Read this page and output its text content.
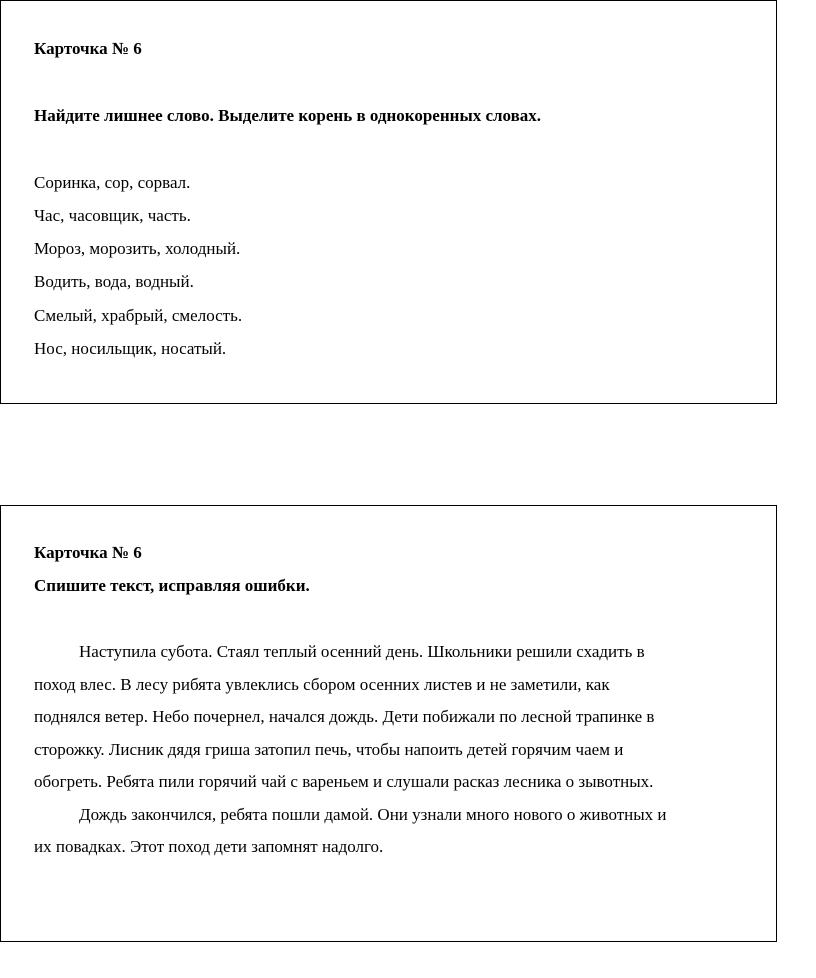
Карточка № 6
Найдите лишнее слово. Выделите корень в однокоренных словах.
Соринка, сор, сорвал.
Час, часовщик, часть.
Мороз, морозить, холодный.
Водить, вода, водный.
Смелый, храбрый, смелость.
Нос, носильщик, носатый.
Карточка № 6
Спишите текст, исправляя ошибки.
Наступила субота. Стаял теплый осенний день. Школьники решили схадить в
поход влес. В лесу рибята увлеклись сбором осенних листев и не заметили, как
поднялся ветер. Небо почернел, начался дождь. Дети побижали по лесной трапинке в
сторожку. Лисник дядя гриша затопил печь, чтобы напоить детей горячим чаем и
обогреть. Ребята пили горячий чай с вареньем и слушали расказ лесника о зывотных.
Дождь закончился, ребята пошли дамой. Они узнали много нового о животных и
их повадках. Этот поход дети запомнят надолго.
